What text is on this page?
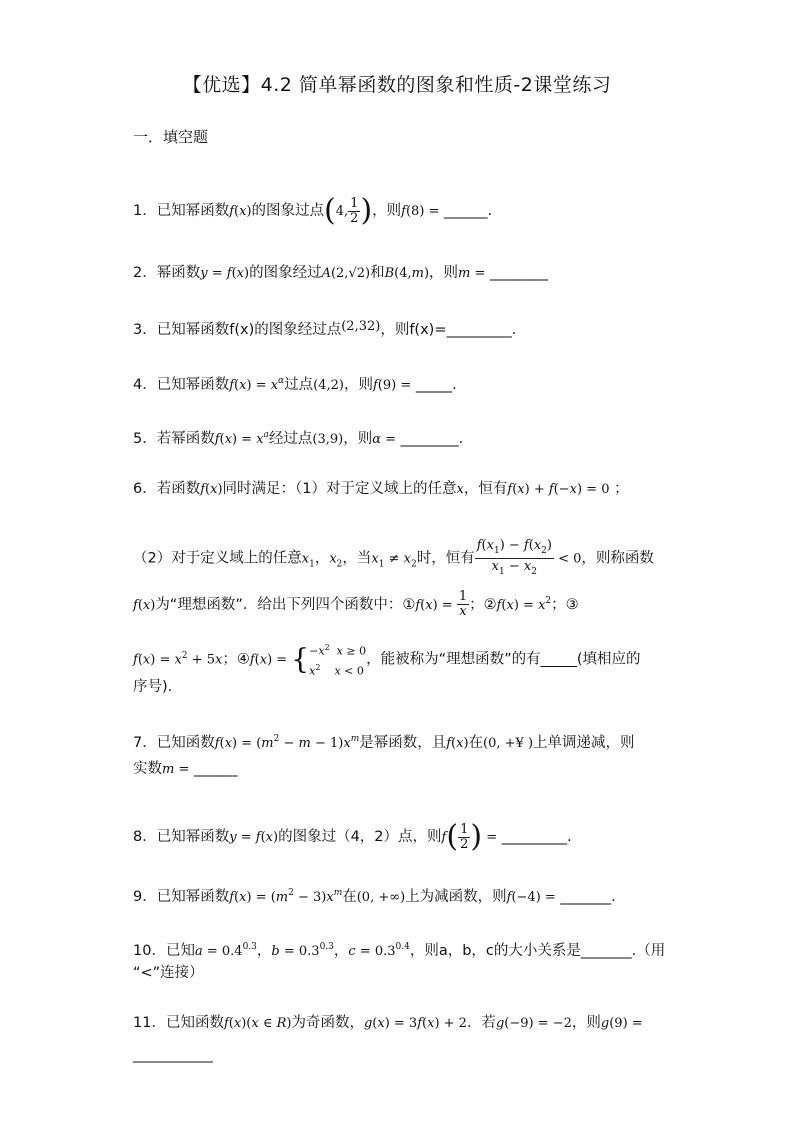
【优选】4.2 简单幂函数的图象和性质-2课堂练习
一．填空题
1．已知幂函数f(x)的图象过点(4, $\frac{1}{2}$ )，则f(8) = ______.
2．幂函数y = f(x)的图象经过A(2,√2)和B(4,m)，则m = ________
3．已知幂函数f(x)的图象经过点(2,32)，则f(x)=_________.
4．已知幂函数$f(x) = x^\alpha$过点(4,2)，则f(9) = _____.
5．若幂函数$f(x) = x^a$经过点(3,9)，则α = ________.
6．若函数f(x)同时满足：（1）对于定义域上的任意x，恒有f(x) + f(−x) = 0 ；
（2）对于定义域上的任意$x_1$，$x_2$，当$x_1 \ne x_2$时，恒有 $\frac{f(x_1) - f(x_2)}{x_1 - x_2} < 0$，则称函数
f(x)为“理想函数”．给出下列四个函数中：①f(x) = $\frac{1}{x}$ ；②f(x) = $x^2$；③
$f(x) = x^2 + 5x$；④f(x) = { $-x^2$ x ≥ 0
$x^2$ x < 0
，能被称为“理想函数”的有_____(填相应的
序号).
7．已知函数$f(x) = (m^2 - m - 1)x^m$是幂函数，且f(x)在(0, +¥ )上单调递减，则
实数m = ______
8．已知幂函数y = f(x)的图象过（4，2）点，则$f( \frac{1}{2}$ ) = _________.
9．已知幂函数$f(x) = (m^2 - 3)x^m$在(0, +∞)上为减函数，则f(−4) = _______.
10．已知$a = 0.4^{0.3}$，$b = 0.3^{0.3}$，$c = 0.3^{0.4}$，则a，b，c的大小关系是_______.（用
“<”连接）
11．已知函数f(x)(x ∈ R)为奇函数，g(x) = 3f(x) + 2．若g(−9) = −2，则g(9) =
___________
